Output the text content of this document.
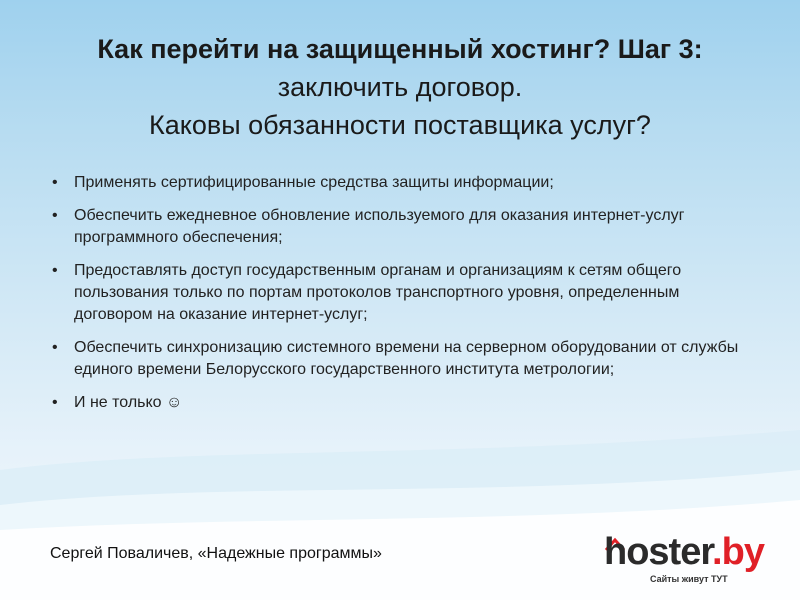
Как перейти на защищенный хостинг? Шаг 3:
заключить договор.
Каковы обязанности поставщика услуг?
• Применять сертифицированные средства защиты информации;
• Обеспечить ежедневное обновление используемого для оказания интернет-услуг программного обеспечения;
• Предоставлять доступ государственным органам и организациям к сетям общего пользования только по портам протоколов транспортного уровня, определенным договором на оказание интернет-услуг;
• Обеспечить синхронизацию системного времени на серверном оборудовании от службы единого времени Белорусского государственного института метрологии;
• И не только ☺
Сергей Поваличев, «Надежные программы»	hoster.by
Сайты живут ТУТ
